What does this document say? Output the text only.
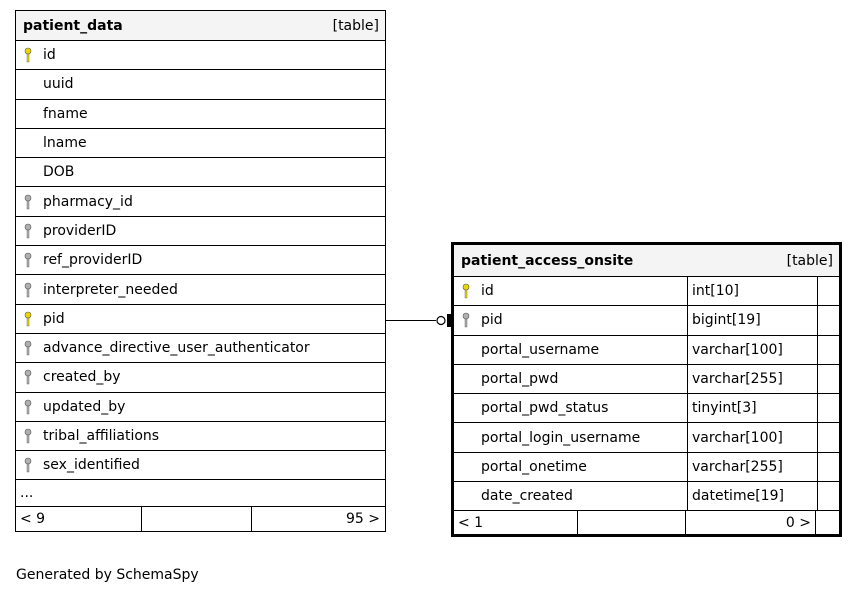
patient_data	[table]
id
uuid
fname
lname
DOB
pharmacy_id
providerID
ref_providerID
interpreter_needed
pid
advance_directive_user_authenticator
created_by
updated_by
tribal_affiliations
sex_identified
...
< 9	95 >
patient_access_onsite	[table]
id	int[10]
pid	bigint[19]
portal_username	varchar[100]
portal_pwd	varchar[255]
portal_pwd_status	tinyint[3]
portal_login_username	varchar[100]
portal_onetime	varchar[255]
date_created	datetime[19]
< 1	0 >
Generated by SchemaSpy
